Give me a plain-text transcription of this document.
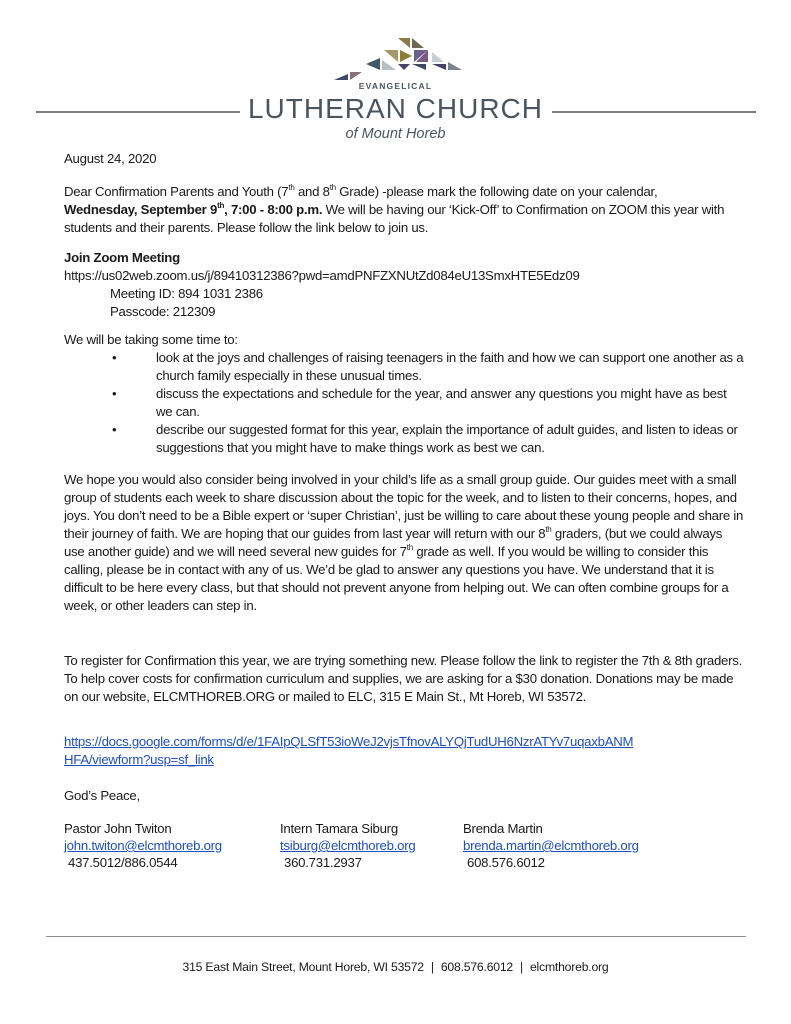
EVANGELICAL
LUTHERAN CHURCH
of Mount Horeb
August 24, 2020
Dear Confirmation Parents and Youth (7th and 8th Grade) -please mark the following date on your calendar,
Wednesday, September 9th, 7:00 - 8:00 p.m. We will be having our ‘Kick-Off’ to Confirmation on ZOOM this year with students and their parents. Please follow the link below to join us.
Join Zoom Meeting
https://us02web.zoom.us/j/89410312386?pwd=amdPNFZXNUtZd084eU13SmxHTE5Edz09
Meeting ID: 894 1031 2386
Passcode: 212309
We will be taking some time to:
•	look at the joys and challenges of raising teenagers in the faith and how we can support one another as a church family especially in these unusual times.
•	discuss the expectations and schedule for the year, and answer any questions you might have as best we can.
•	describe our suggested format for this year, explain the importance of adult guides, and listen to ideas or suggestions that you might have to make things work as best we can.
We hope you would also consider being involved in your child’s life as a small group guide. Our guides meet with a small group of students each week to share discussion about the topic for the week, and to listen to their concerns, hopes, and joys. You don’t need to be a Bible expert or ‘super Christian’, just be willing to care about these young people and share in their journey of faith. We are hoping that our guides from last year will return with our 8th graders, (but we could always use another guide) and we will need several new guides for 7th grade as well. If you would be willing to consider this calling, please be in contact with any of us. We’d be glad to answer any questions you have. We understand that it is difficult to be here every class, but that should not prevent anyone from helping out. We can often combine groups for a week, or other leaders can step in.
To register for Confirmation this year, we are trying something new. Please follow the link to register the 7th & 8th graders. To help cover costs for confirmation curriculum and supplies, we are asking for a $30 donation. Donations may be made on our website, ELCMTHOREB.ORG or mailed to ELC, 315 E Main St., Mt Horeb, WI 53572.
https://docs.google.com/forms/d/e/1FAIpQLSfT53ioWeJ2vjsTfnovALYQjTudUH6NzrATYv7uqaxbANM
HFA/viewform?usp=sf_link
God’s Peace,
Pastor John Twiton
john.twiton@elcmthoreb.org
437.5012/886.0544
Intern Tamara Siburg
tsiburg@elcmthoreb.org
360.731.2937
Brenda Martin
brenda.martin@elcmthoreb.org
608.576.6012
315 East Main Street, Mount Horeb, WI 53572 | 608.576.6012 | elcmthoreb.org
